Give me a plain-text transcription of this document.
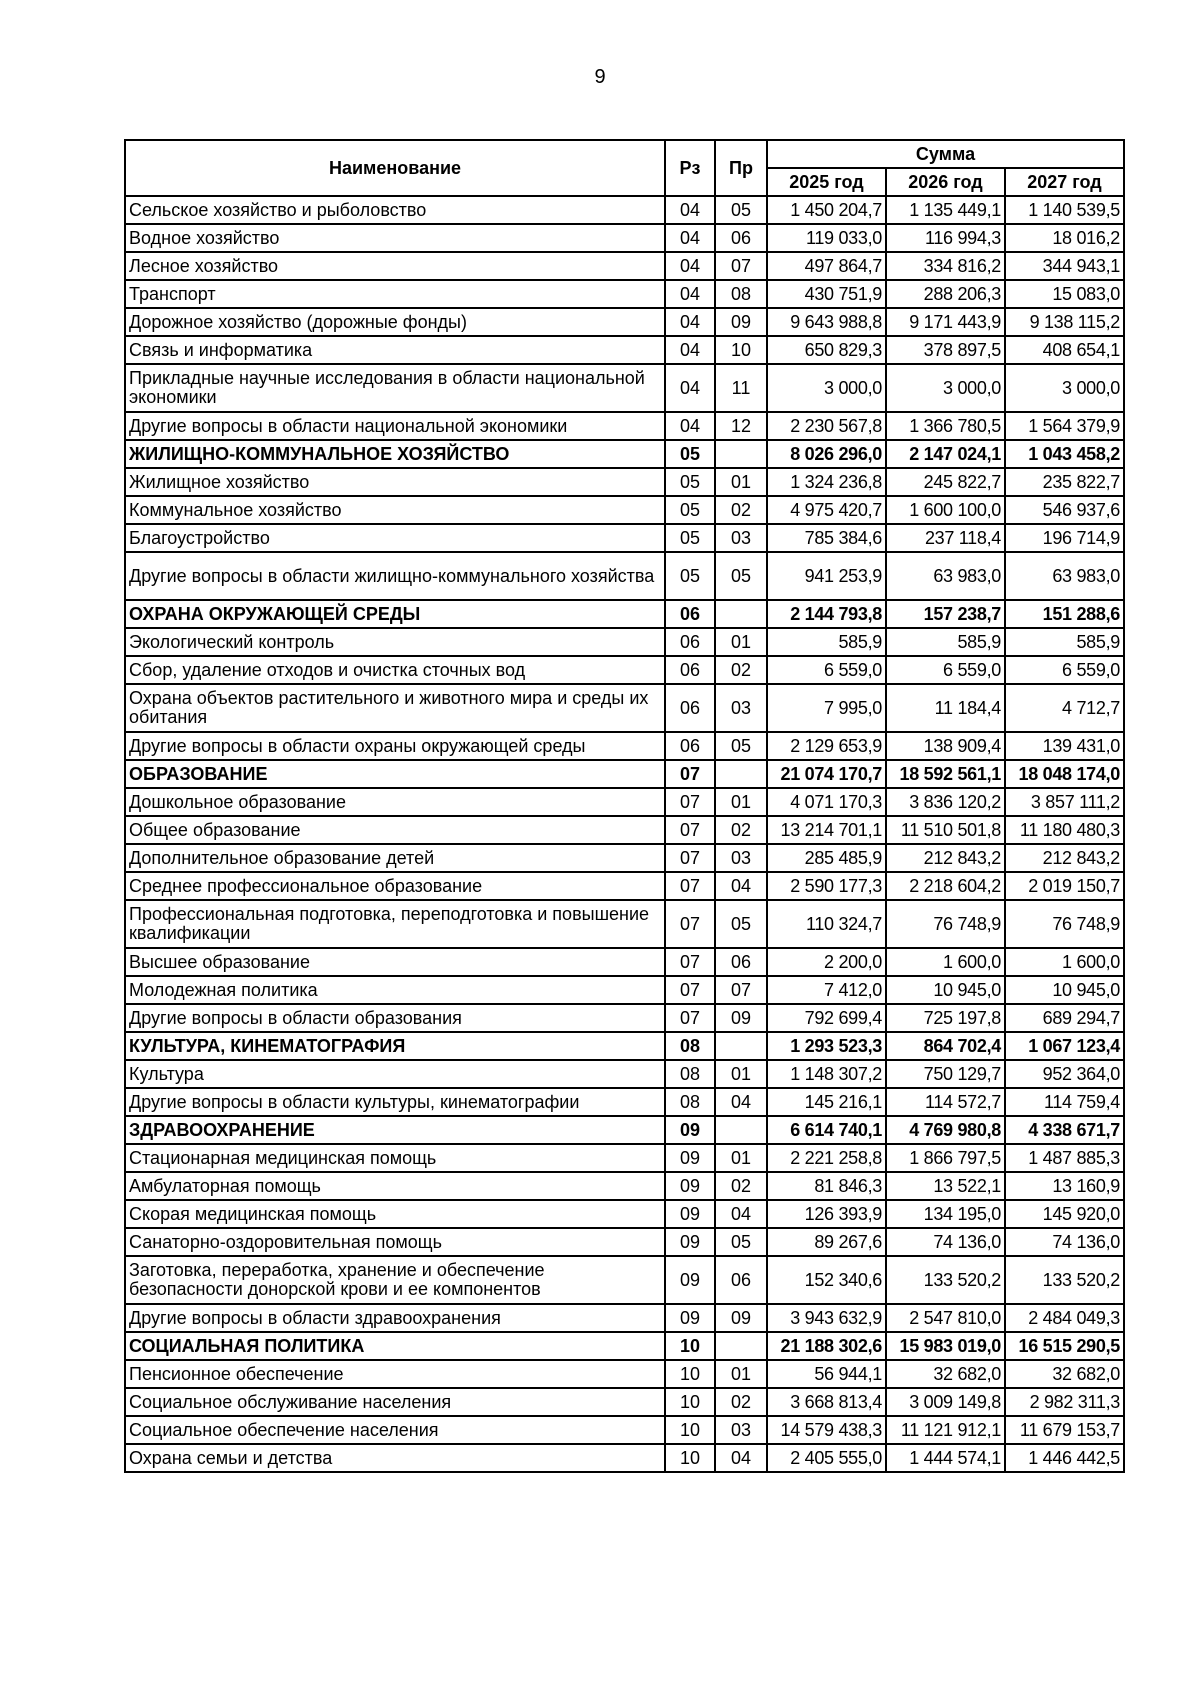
9
Наименование	Рз	Пр	Сумма		
			2025 год	2026 год	2027 год
Сельское хозяйство и рыболовство	04	05	1 450 204,7	1 135 449,1	1 140 539,5
Водное хозяйство	04	06	119 033,0	116 994,3	18 016,2
Лесное хозяйство	04	07	497 864,7	334 816,2	344 943,1
Транспорт	04	08	430 751,9	288 206,3	15 083,0
Дорожное хозяйство (дорожные фонды)	04	09	9 643 988,8	9 171 443,9	9 138 115,2
Связь и информатика	04	10	650 829,3	378 897,5	408 654,1
Прикладные научные исследования в области национальной экономики	04	11	3 000,0	3 000,0	3 000,0
Другие вопросы в области национальной экономики	04	12	2 230 567,8	1 366 780,5	1 564 379,9
ЖИЛИЩНО-КОММУНАЛЬНОЕ ХОЗЯЙСТВО	05		8 026 296,0	2 147 024,1	1 043 458,2
Жилищное хозяйство	05	01	1 324 236,8	245 822,7	235 822,7
Коммунальное хозяйство	05	02	4 975 420,7	1 600 100,0	546 937,6
Благоустройство	05	03	785 384,6	237 118,4	196 714,9
Другие вопросы в области жилищно-коммунального хозяйства	05	05	941 253,9	63 983,0	63 983,0
ОХРАНА ОКРУЖАЮЩЕЙ СРЕДЫ	06		2 144 793,8	157 238,7	151 288,6
Экологический контроль	06	01	585,9	585,9	585,9
Сбор, удаление отходов и очистка сточных вод	06	02	6 559,0	6 559,0	6 559,0
Охрана объектов растительного и животного мира и среды их обитания	06	03	7 995,0	11 184,4	4 712,7
Другие вопросы в области охраны окружающей среды	06	05	2 129 653,9	138 909,4	139 431,0
ОБРАЗОВАНИЕ	07		21 074 170,7	18 592 561,1	18 048 174,0
Дошкольное образование	07	01	4 071 170,3	3 836 120,2	3 857 111,2
Общее образование	07	02	13 214 701,1	11 510 501,8	11 180 480,3
Дополнительное образование детей	07	03	285 485,9	212 843,2	212 843,2
Среднее профессиональное образование	07	04	2 590 177,3	2 218 604,2	2 019 150,7
Профессиональная подготовка, переподготовка и повышение квалификации	07	05	110 324,7	76 748,9	76 748,9
Высшее образование	07	06	2 200,0	1 600,0	1 600,0
Молодежная политика	07	07	7 412,0	10 945,0	10 945,0
Другие вопросы в области образования	07	09	792 699,4	725 197,8	689 294,7
КУЛЬТУРА, КИНЕМАТОГРАФИЯ	08		1 293 523,3	864 702,4	1 067 123,4
Культура	08	01	1 148 307,2	750 129,7	952 364,0
Другие вопросы в области культуры, кинематографии	08	04	145 216,1	114 572,7	114 759,4
ЗДРАВООХРАНЕНИЕ	09		6 614 740,1	4 769 980,8	4 338 671,7
Стационарная медицинская помощь	09	01	2 221 258,8	1 866 797,5	1 487 885,3
Амбулаторная помощь	09	02	81 846,3	13 522,1	13 160,9
Скорая медицинская помощь	09	04	126 393,9	134 195,0	145 920,0
Санаторно-оздоровительная помощь	09	05	89 267,6	74 136,0	74 136,0
Заготовка, переработка, хранение и обеспечение безопасности донорской крови и ее компонентов	09	06	152 340,6	133 520,2	133 520,2
Другие вопросы в области здравоохранения	09	09	3 943 632,9	2 547 810,0	2 484 049,3
СОЦИАЛЬНАЯ ПОЛИТИКА	10		21 188 302,6	15 983 019,0	16 515 290,5
Пенсионное обеспечение	10	01	56 944,1	32 682,0	32 682,0
Социальное обслуживание населения	10	02	3 668 813,4	3 009 149,8	2 982 311,3
Социальное обеспечение населения	10	03	14 579 438,3	11 121 912,1	11 679 153,7
Охрана семьи и детства	10	04	2 405 555,0	1 444 574,1	1 446 442,5
